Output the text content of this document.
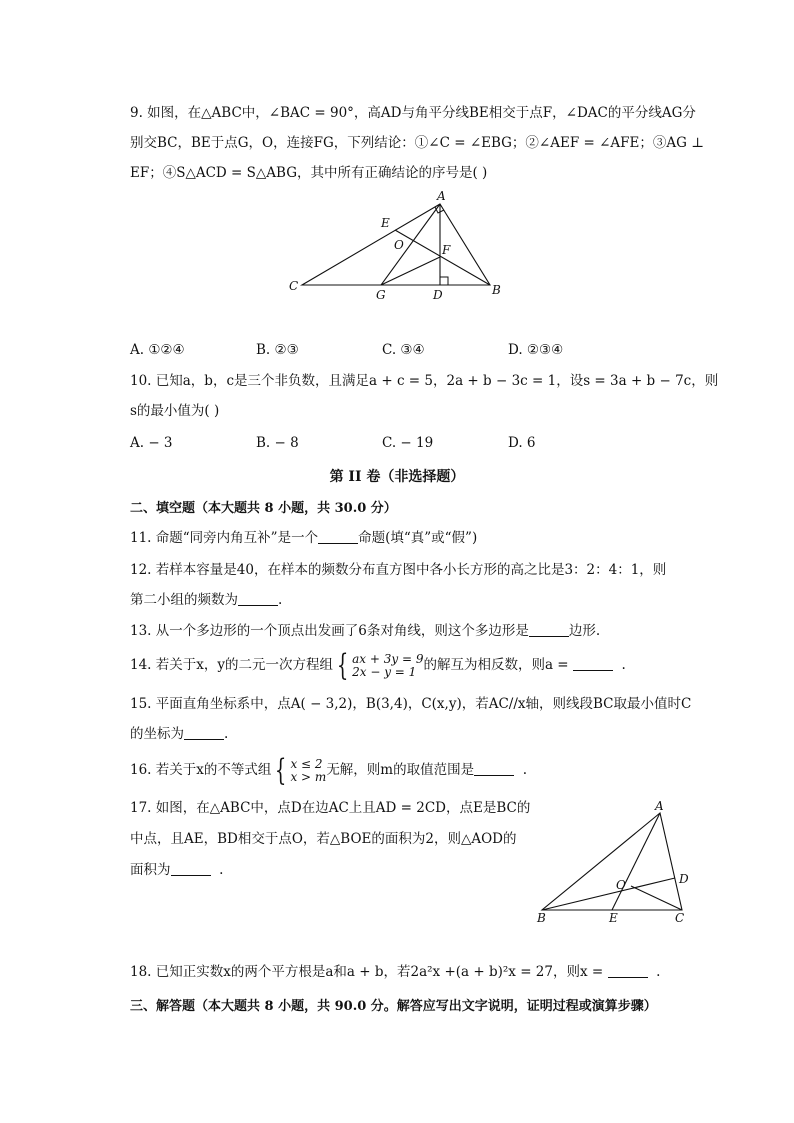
9. 如图，在△ABC中，∠BAC = 90°，高AD与角平分线BE相交于点F，∠DAC的平分线AG分
别交BC，BE于点G，O，连接FG，下列结论：①∠C = ∠EBG；②∠AEF = ∠AFE；③AG ⊥
EF；④S△ACD = S△ABG，其中所有正确结论的序号是( )
A
E
O	F
C
G	D	B
A. ①②④	B. ②③	C. ③④	D. ②③④
10. 已知a，b，c是三个非负数，且满足a + c = 5，2a + b − 3c = 1，设s = 3a + b − 7c，则
s的最小值为( )
A. − 3	B. − 8	C. − 19	D. 6
第 II 卷（非选择题）
二、填空题（本大题共 8 小题，共 30.0 分）
11. 命题“同旁内角互补”是一个	命题(填“真”或“假”)
12. 若样本容量是40，在样本的频数分布直方图中各小长方形的高之比是3：2：4：1，则
第二小组的频数为	.
13. 从一个多边形的一个顶点出发画了6条对角线，则这个多边形是	边形.
14. 若关于x，y的二元一次方程组 { ax + 3y = 9
2x − y = 1 的解互为相反数，则a =	.
15. 平面直角坐标系中，点A( − 3,2)，B(3,4)，C(x,y)，若AC//x轴，则线段BC取最小值时C
的坐标为	.
16. 若关于x的不等式组 { x ≤ 2
x > m无解，则m的取值范围是	.
17. 如图，在△ABC中，点D在边AC上且AD = 2CD，点E是BC的
中点，且AE，BD相交于点O，若△BOE的面积为2，则△AOD的
面积为	.
A
O	D
B	E	C
18. 已知正实数x的两个平方根是a和a + b，若2a²x +(a + b)²x = 27，则x =	.
三、解答题（本大题共 8 小题，共 90.0 分。解答应写出文字说明，证明过程或演算步骤）
